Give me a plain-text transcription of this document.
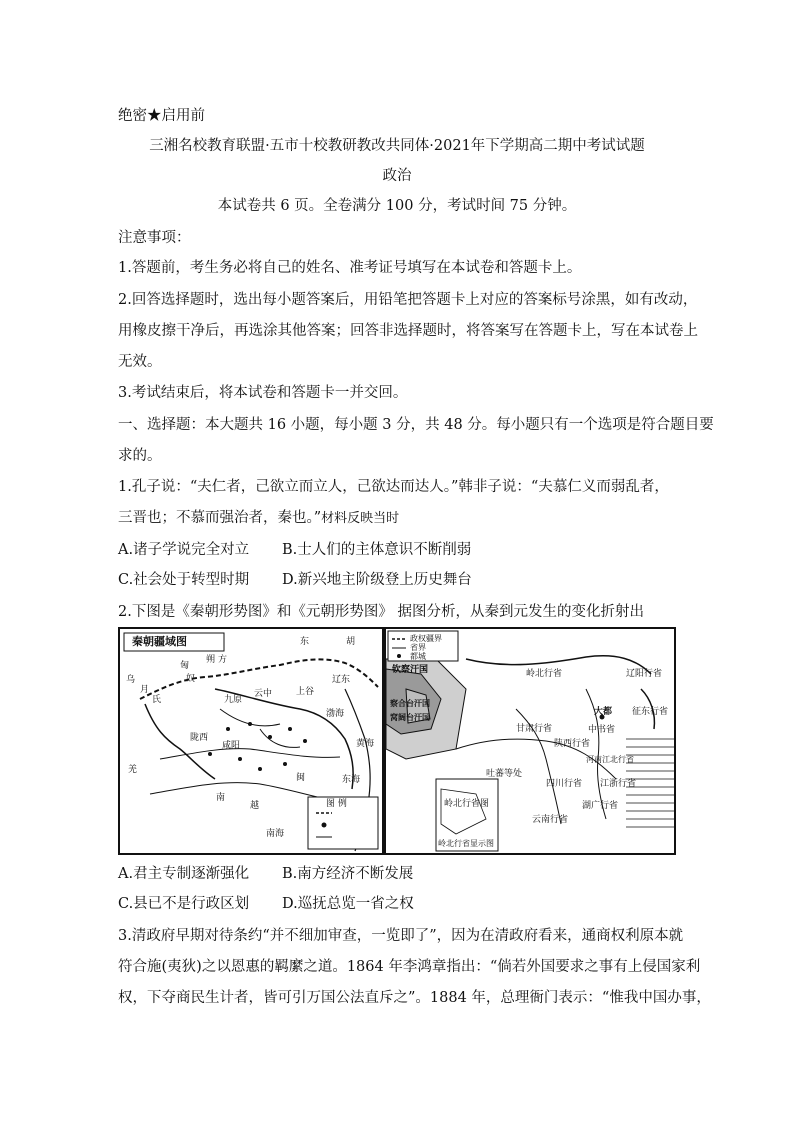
绝密★启用前
三湘名校教育联盟·五市十校教研教改共同体·2021年下学期高二期中考试试题
政治
本试卷共 6 页。全卷满分 100 分，考试时间 75 分钟。
注意事项：
1.答题前，考生务必将自己的姓名、准考证号填写在本试卷和答题卡上。
2.回答选择题时，选出每小题答案后，用铅笔把答题卡上对应的答案标号涂黑，如有改动，
用橡皮擦干净后，再选涂其他答案；回答非选择题时，将答案写在答题卡上，写在本试卷上
无效。
3.考试结束后，将本试卷和答题卡一并交回。
一、选择题：本大题共 16 小题，每小题 3 分，共 48 分。每小题只有一个选项是符合题目要
求的。
1.孔子说：“夫仁者，己欲立而立人，己欲达而达人。”韩非子说：“夫慕仁义而弱乱者，
三晋也；不慕而强治者，秦也。”材料反映当时
A.诸子学说完全对立 B.士人们的主体意识不断削弱
C.社会处于转型时期 D.新兴地主阶级登上历史舞台
2.下图是《秦朝形势图》和《元朝形势图》 据图分析，从秦到元发生的变化折射出
秦朝疆域图
匈
奴
东	胡
朔 方
乌
月
氏	九原
云中	上谷
辽东
咸阳
陇西
渤海
黄海
羌
东海
南
越
闽
南海
图 例
政权疆界
省界
都城
钦察汗国
察合台汗国
窝阔台汗国
岭北行省	辽阳行省
甘肃行省
大都
中书省
陕西行省
吐蕃等处
河南江北行省
四川行省 江浙行省
湖广行省
云南行省
征东行省
岭北行省图
岭北行省显示图
A.君主专制逐渐强化 B.南方经济不断发展
C.县已不是行政区划 D.巡抚总览一省之权
3.清政府早期对待条约“并不细加审查，一览即了”，因为在清政府看来，通商权利原本就
符合施(夷狄)之以恩惠的羁縻之道。1864 年李鸿章指出：“倘若外国要求之事有上侵国家利
权，下夺商民生计者，皆可引万国公法直斥之”。1884 年，总理衙门表示：“惟我中国办事，
